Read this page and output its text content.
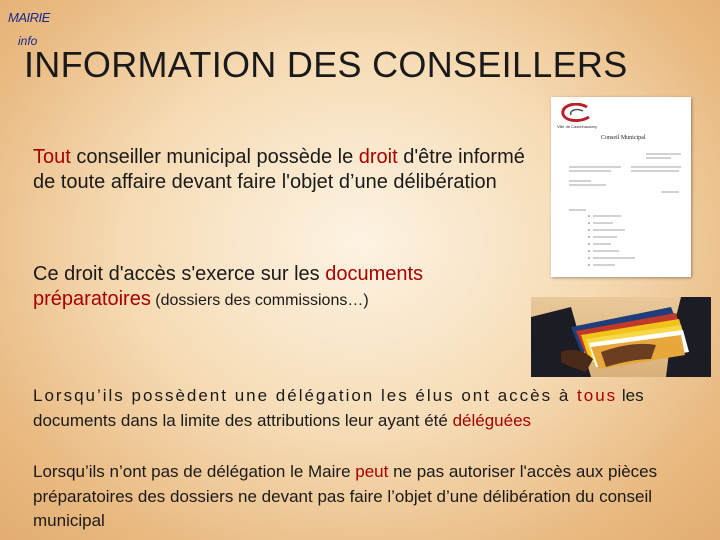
MAIRIE
info
INFORMATION DES CONSEILLERS
Tout conseiller municipal possède le droit d'être informé de toute affaire devant faire l'objet d’une délibération
Ce droit d'accès s'exerce sur les documents préparatoires (dossiers des commissions…)
Lorsqu’ils possèdent une délégation les élus ont accès à tous les documents dans la limite des attributions leur ayant été déléguées
Lorsqu’ils n’ont pas de délégation le Maire peut ne pas autoriser l'accès aux pièces préparatoires des dossiers ne devant pas faire l’objet d’une délibération du conseil municipal
Ville de Castelnaudary
Conseil Municipal
